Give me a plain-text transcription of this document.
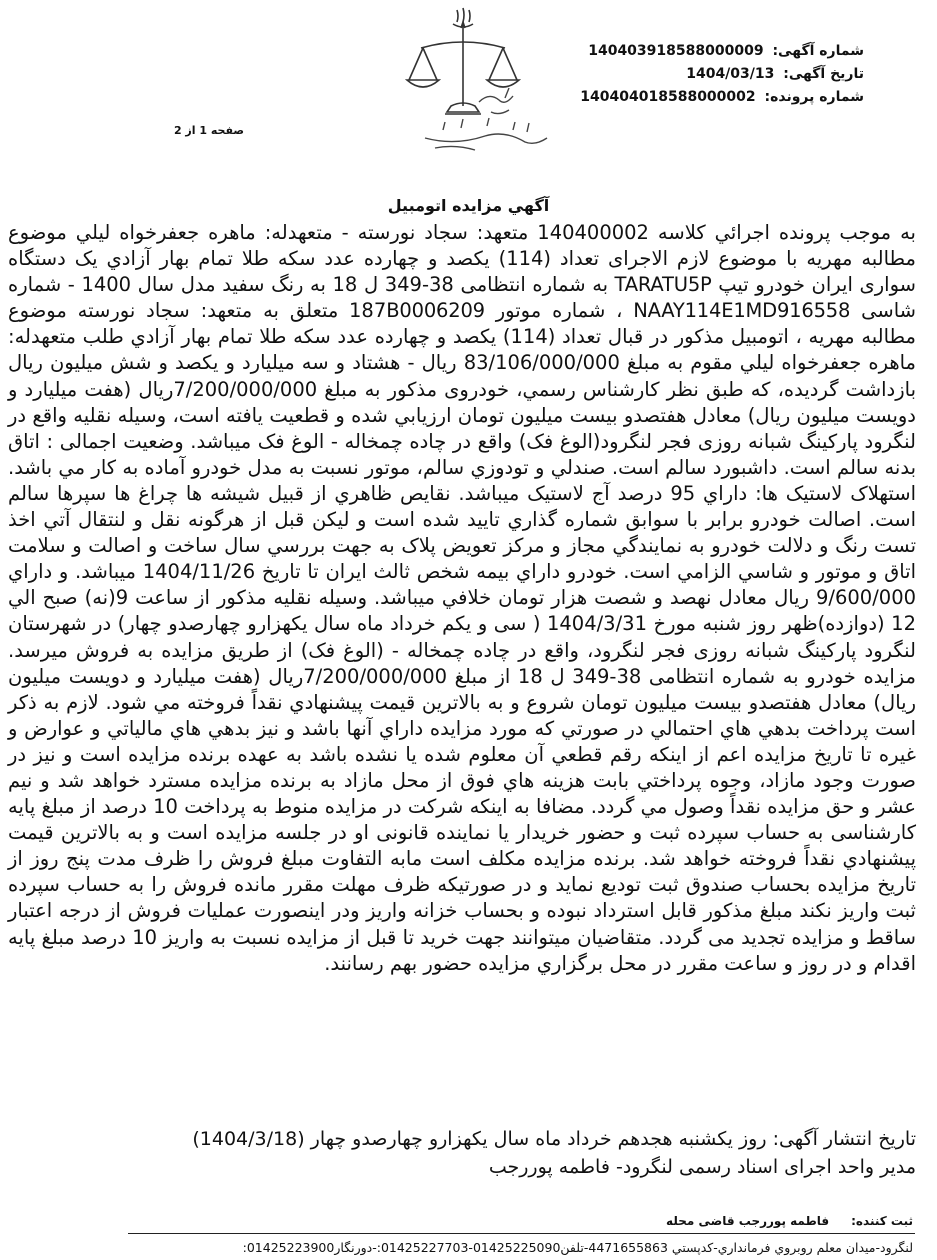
شماره آگهی: 140403918588000009
تاریخ آگهی: 1404/03/13
شماره پرونده: 140404018588000002
صفحه 1 از 2
آگهي مزايده اتومبيل

به موجب پرونده اجرائي كلاسه 140400002 متعهد: سجاد نورسته - متعهدله: ماهره جعفرخواه ليلي موضوع مطالبه مهريه با موضوع لازم الاجراى تعداد (114) يكصد و چهارده عدد سكه طلا تمام بهار آزادي يک دستگاه سواری ایران خودرو تیپ TARATU5P به شماره انتظامی 38-349 ل 18 به رنگ سفيد مدل سال 1400 - شماره شاسی NAAY114E1MD916558 ، شماره موتور 187B0006209 متعلق به متعهد: سجاد نورسته موضوع مطالبه مهريه ، اتومبيل مذكور در قبال تعداد (114) يكصد و چهارده عدد سكه طلا تمام بهار آزادي طلب متعهدله: ماهره جعفرخواه ليلي مقوم به مبلغ 83/106/000/000 ريال - هشتاد و سه ميليارد و يكصد و شش ميليون ريال بازداشت گرديده، كه طبق نظر كارشناس رسمي، خودروی مذكور به مبلغ 7/200/000/000ريال (هفت ميليارد و دويست ميليون ريال) معادل هفتصدو بیست میلیون تومان ارزيابي شده و قطعيت يافته است، وسيله نقليه واقع در لنگرود پاركينگ شبانه روزی فجر لنگرود(الوغ فک) واقع در چاده چمخاله - الوغ فک ميباشد. وضعيت اجمالی : اتاق بدنه سالم است. داشبورد سالم است. صندلي و تودوزي سالم، موتور نسبت به مدل خودرو آماده به كار مي باشد. استهلاک لاستيک ها: داراي 95 درصد آج لاستيک ميباشد. نقايص ظاهري از قبيل شيشه ها چراغ ها سپرها سالم است. اصالت خودرو برابر با سوابق شماره گذاري تاييد شده است و ليكن قبل از هرگونه نقل و لنتقال آتي اخذ تست رنگ و دلالت خودرو به نمايندگي مجاز و مركز تعويض پلاک به جهت بررسي سال ساخت و اصالت و سلامت اتاق و موتور و شاسي الزامي است. خودرو داراي بيمه شخص ثالث ايران تا تاريخ 1404/11/26 ميباشد. و داراي 9/600/000 ريال معادل نهصد و شصت هزار تومان خلافي ميباشد. وسيله نقليه مذكور از ساعت 9(نه) صبح الي 12 (دوازده)ظهر روز شنبه مورخ 1404/3/31 ( سی و يکم خرداد ماه سال يكهزارو چهارصدو چهار) در شهرستان لنگرود پاركينگ شبانه روزی فجر لنگرود، واقع در چاده چمخاله - (الوغ فک) از طريق مزايده به فروش ميرسد. مزايده خودرو به شماره انتظامی 38-349 ل 18 از مبلغ 7/200/000/000ريال (هفت ميليارد و دويست ميليون ريال) معادل هفتصدو بیست میلیون تومان شروع و به بالاترين قيمت پيشنهادي نقداً فروخته مي شود. لازم به ذكر است پرداخت بدهي هاي احتمالي در صورتي كه مورد مزايده داراي آنها باشد و نيز بدهي هاي مالياتي و عوارض و غيره تا تاريخ مزايده اعم از اينكه رقم قطعي آن معلوم شده يا نشده باشد به عهده برنده مزايده است و نيز در صورت وجود مازاد، وجوه پرداختي بابت هزينه هاي فوق از محل مازاد به برنده مزايده مسترد خواهد شد و نیم عشر و حق مزايده نقداً وصول مي گردد. مضافا به اينكه شرکت در مزایده منوط به پرداخت 10 درصد از مبلغ پایه کارشناسی به حساب سپرده ثبت و حضور خريدار يا نماينده قانونی او در جلسه مزايده است و به بالاترين قيمت پيشنهادي نقداً فروخته خواهد شد. برنده مزایده مکلف است مابه التفاوت مبلغ فروش را ظرف مدت پنج روز از تاریخ مزایده بحساب صندوق ثبت تودیع نماید و در صورتیکه ظرف مهلت مقرر مانده فروش را به حساب سپرده ثبت واریز نکند مبلغ مذکور قابل استرداد نبوده و بحساب خزانه واریز ودر اینصورت عملیات فروش از درجه اعتبار ساقط و مزایده تجدید می گردد. متقاضیان میتوانند جهت خريد تا قبل از مزایده نسبت به واریز 10 درصد مبلغ پایه اقدام و در روز و ساعت مقرر در محل برگزاري مزايده حضور بهم رسانند.

تاريخ انتشار آگهی: روز يکشنبه هجدهم خرداد ماه سال يكهزارو چهارصدو چهار (1404/3/18)
مدير واحد اجرای اسناد رسمی لنگرود- فاطمه پوررجب
ثبت کننده:فاطمه پوررجب قاضی محله
لنگرود-میدان معلم روبروي فرمانداري-کدپستي 4471655863-تلفن01425225090-01425227703:-دورنگار01425223900:
